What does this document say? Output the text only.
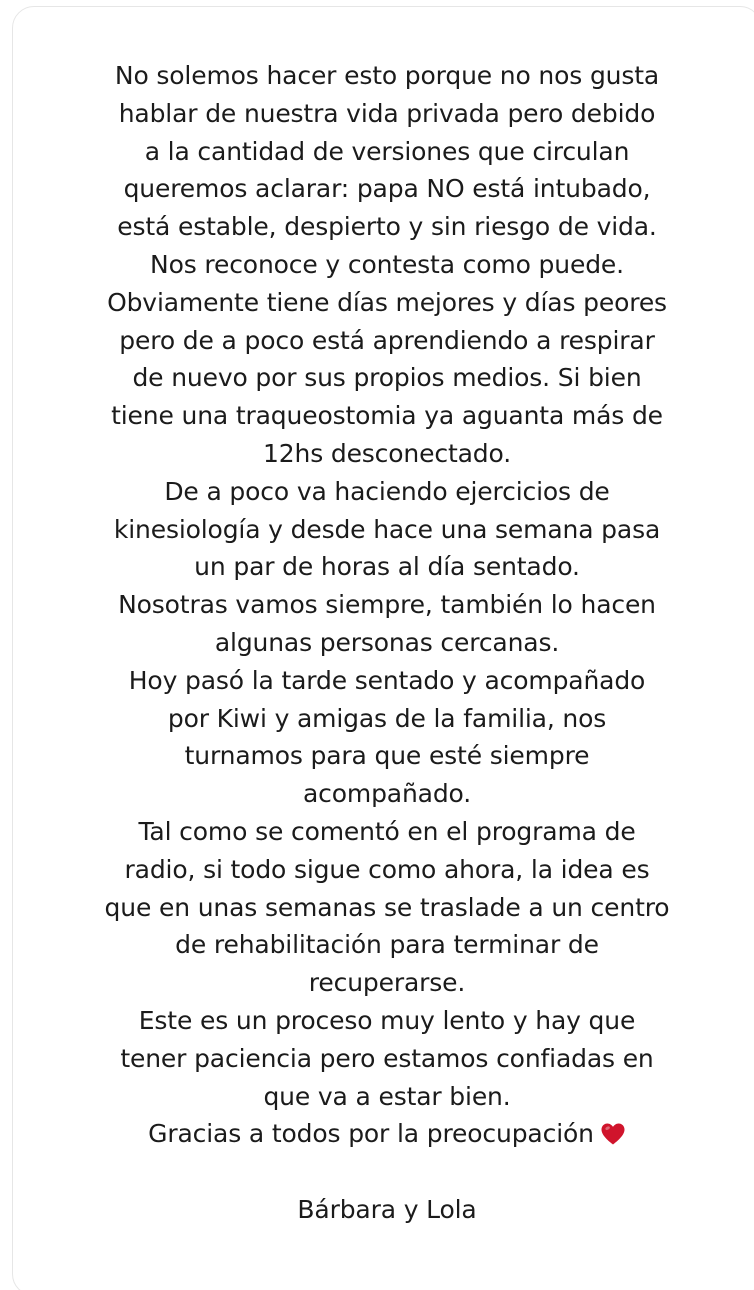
No solemos hacer esto porque no nos gusta
hablar de nuestra vida privada pero debido
a la cantidad de versiones que circulan
queremos aclarar: papa NO está intubado,
está estable, despierto y sin riesgo de vida.
Nos reconoce y contesta como puede.
Obviamente tiene días mejores y días peores
pero de a poco está aprendiendo a respirar
de nuevo por sus propios medios. Si bien
tiene una traqueostomia ya aguanta más de
12hs desconectado.
De a poco va haciendo ejercicios de
kinesiología y desde hace una semana pasa
un par de horas al día sentado.
Nosotras vamos siempre, también lo hacen
algunas personas cercanas.
Hoy pasó la tarde sentado y acompañado
por Kiwi y amigas de la familia, nos
turnamos para que esté siempre
acompañado.
Tal como se comentó en el programa de
radio, si todo sigue como ahora, la idea es
que en unas semanas se traslade a un centro
de rehabilitación para terminar de
recuperarse.
Este es un proceso muy lento y hay que
tener paciencia pero estamos confiadas en
que va a estar bien.
Gracias a todos por la preocupación
Bárbara y Lola
